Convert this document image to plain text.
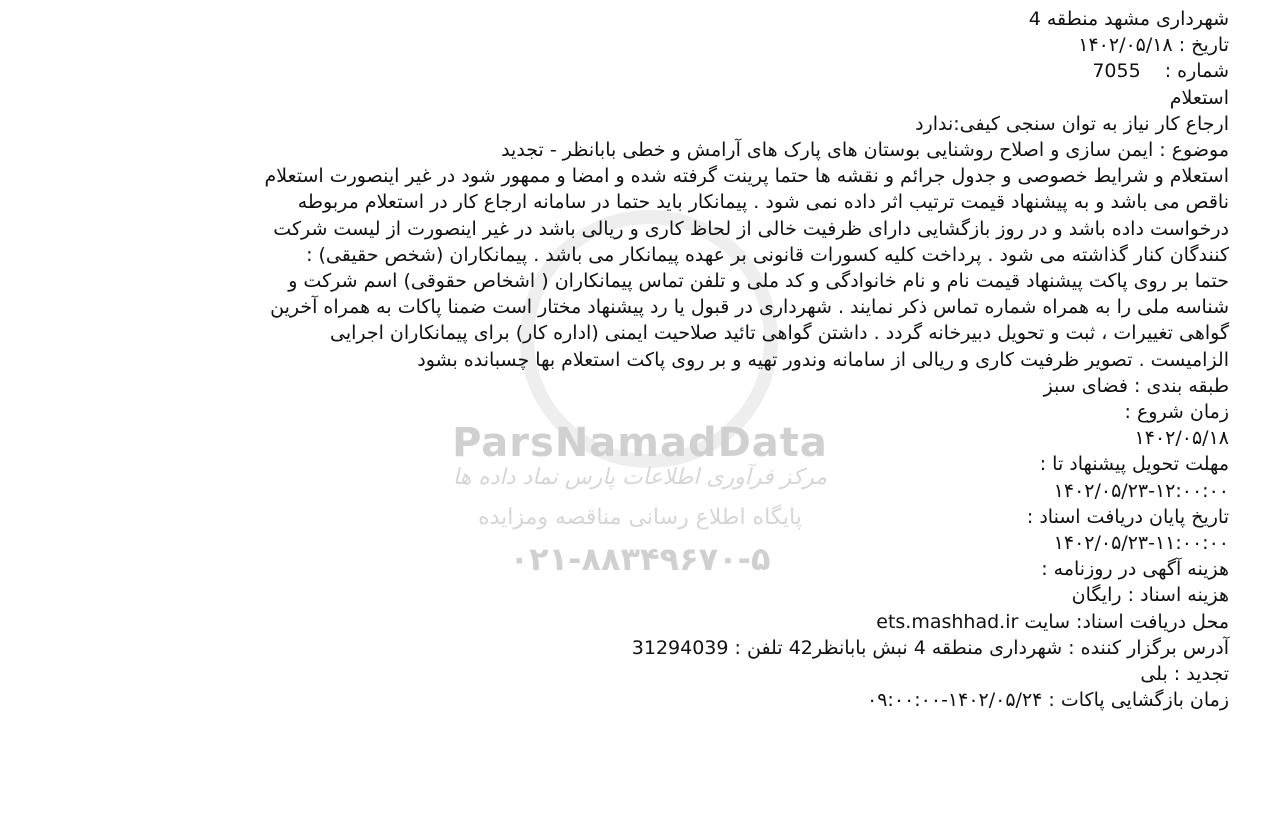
ParsNamadData
مرکز فرآوری اطلاعات پارس نماد داده ها
پایگاه اطلاع رسانی مناقصه ومزایده
۰۲۱-۸۸۳۴۹۶۷۰-۵
شهرداری مشهد منطقه 4
تاریخ : ۱۴۰۲/۰۵/۱۸
شماره : 7055
استعلام
ارجاع کار نیاز به توان سنجی کیفی:ندارد
موضوع : ایمن سازی و اصلاح روشنایی بوستان های پارک های آرامش و خطی بابانظر - تجدید
استعلام و شرایط خصوصی و جدول جرائم و نقشه ها حتما پرینت گرفته شده و امضا و ممهور شود در غیر اینصورت استعلام
ناقص می باشد و به پیشنهاد قیمت ترتیب اثر داده نمی شود . پیمانکار باید حتما در سامانه ارجاع کار در استعلام مربوطه
درخواست داده باشد و در روز بازگشایی دارای ظرفیت خالی از لحاظ کاری و ریالی باشد در غیر اینصورت از لیست شرکت
کنندگان کنار گذاشته می شود . پرداخت کلیه کسورات قانونی بر عهده پیمانکار می باشد . پیمانکاران (شخص حقیقی) :
حتما بر روی پاکت پیشنهاد قیمت نام و نام خانوادگی و کد ملی و تلفن تماس پیمانکاران ( اشخاص حقوقی) اسم شرکت و
شناسه ملی را به همراه شماره تماس ذکر نمایند . شهرداری در قبول یا رد پیشنهاد مختار است ضمنا پاکات به همراه آخرین
گواهی تغییرات ، ثبت و تحویل دبیرخانه گردد . داشتن گواهی تائید صلاحیت ایمنی (اداره کار) برای پیمانکاران اجرایی
الزامیست . تصویر ظرفیت کاری و ریالی از سامانه وندور تهیه و بر روی پاکت استعلام بها چسبانده بشود
طبقه بندی : فضای سبز
زمان شروع :
۱۴۰۲/۰۵/۱۸
مهلت تحویل پیشنهاد تا :
۱۴۰۲/۰۵/۲۳-۱۲:۰۰:۰۰
تاریخ پایان دریافت اسناد :
۱۴۰۲/۰۵/۲۳-۱۱:۰۰:۰۰
هزینه آگهی در روزنامه :
هزینه اسناد : رایگان
محل دریافت اسناد: سایت ets.mashhad.ir
آدرس برگزار کننده : شهرداری منطقه 4 نبش بابانظر42 تلفن : 31294039
تجدید : بلی
زمان بازگشایی پاکات : ۱۴۰۲/۰۵/۲۴-۰۹:۰۰:۰۰
